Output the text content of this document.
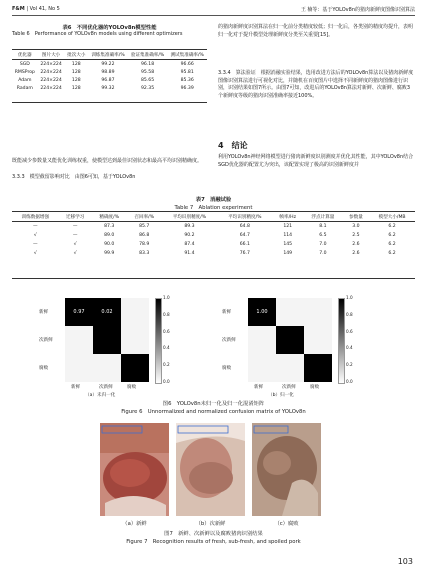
F&M | Vol 41, No 5	王 楠等：基于YOLOv8n的猪肉新鲜度图像识别算法
表6　不同优化器的YOLOv8n模型性能
Table 6　 Performance of YOLOv8n models using different optimizers
优化器	图片大小	批次大小	训练集准确率/%	验证集准确率/%	测试集准确率/%
SGD	224×224	128	99.22	96.18	96.66
RMSProp	224×224	128	98.89	95.58	95.81
Adam	224×224	128	96.87	85.65	85.36
Radam	224×224	128	99.32	92.35	96.39
既能减少参数量又能优化训练权重，使模型达到最佳识别状态和最高平均识别精确度。
3.3.3　模型截留影响对比　由图6可知，基于YOLOv8n
的猪肉新鲜度识别算法在归一化前分类精度较低；归一化后，各类别的精度均提升，表明归一化对于提升模型处理新鲜度分类至关重要[15]。
3.3.4　算法验证　根据消融实验结果，选用改进方法后的YOLOv8n算法以及猪肉新鲜度图像识别算法进行可视化对比，并随机在百度图片中选择不同新鲜度的猪肉图像进行识别，识别结果如图7所示。由图7可知，改进后的YOLOv8n算法对新鲜、次新鲜、腐败3个新鲜度等级的猪肉识别准确率接近100%。
4　 结论
利用YOLOv8n神经网络模型进行猪肉新鲜度识别测度并优化其性能，其中YOLOv8n结合SGD优化器的配置尤为突出，该配置实现了极高的识别新鲜度并
表7　消融试验
Table 7　Ablation experiment
训练数据增强	迁移学习	精确度/%	召回率/%	平均识别精度/%	平均识别精度/%	帧率/Hz	浮点计算量	参数量	模型大小/MB
—	—	87.3	85.7	89.3	64.8	121	8.1	3.0	6.2
√	—	89.0	86.8	90.2	64.7	114	6.5	2.5	6.2
—	√	90.0	78.9	87.4	66.1	145	7.0	2.6	6.2
√	√	99.9	83.3	91.4	76.7	149	7.0	2.6	6.2
0.97	0.02
新鲜
新鲜
次新鲜
次新鲜
腐败
腐败
1.0
0.8
0.6
0.4
0.2
0.0
（a）未归一化
1.00
新鲜
新鲜
次新鲜
次新鲜
腐败
腐败
1.0
0.8
0.6
0.4
0.2
0.0
（b）归一化
图6　YOLOv8n未归一化及归一化混淆矩阵
Figure 6　Unnormalized and normalized confusion matrix of YOLOv8n
（a）新鲜	（b）次新鲜	（c）腐败
图7　新鲜、次新鲜以及腐败猪肉识别结果
Figure 7　Recognition results of fresh, sub-fresh, and spoiled pork
103
